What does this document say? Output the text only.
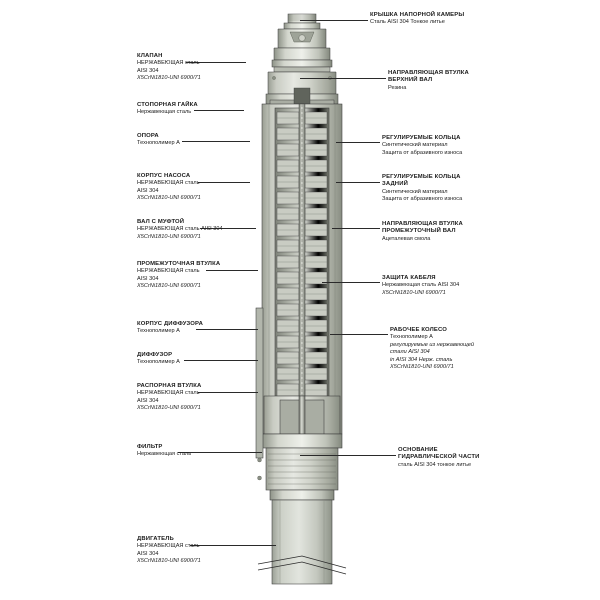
КЛАПАН
НЕРЖАВЕЮЩАЯ сталь
AISI 304
X5CrNi1810-UNI 6900/71
СТОПОРНАЯ ГАЙКА
Нержавеющая сталь
ОПОРА
Технополимер А
КОРПУС НАСОСА
НЕРЖАВЕЮЩАЯ сталь
AISI 304
X5CrNi1810-UNI 6900/71
ВАЛ С МУФТОЙ
НЕРЖАВЕЮЩАЯ сталь AISI 304
X5CrNi1810-UNI 6900/71
ПРОМЕЖУТОЧНАЯ ВТУЛКА
НЕРЖАВЕЮЩАЯ сталь
AISI 304
X5CrNi1810-UNI 6900/71
КОРПУС ДИФФУЗОРА
Технополимер А
ДИФФУЗОР
Технополимер А
РАСПОРНАЯ ВТУЛКА
НЕРЖАВЕЮЩАЯ сталь
AISI 304
X5CrNi1810-UNI 6900/71
ФИЛЬТР
Нержавеющая сталь
ДВИГАТЕЛЬ
НЕРЖАВЕЮЩАЯ сталь
AISI 304
X5CrNi1810-UNI 6900/71
КРЫШКА НАПОРНОЙ КАМЕРЫ
Сталь AISI 304 Тонкое литье
НАПРАВЛЯЮЩАЯ ВТУЛКА
ВЕРХНИЙ ВАЛ
Резина
РЕГУЛИРУЕМЫЕ КОЛЬЦА
Синтетический материал
Защита от абразивного износа
РЕГУЛИРУЕМЫЕ КОЛЬЦА
ЗАДНИЙ
Синтетический материал
Защита от абразивного износа
НАПРАВЛЯЮЩАЯ ВТУЛКА
ПРОМЕЖУТОЧНЫЙ ВАЛ
Ацеталевая смола
ЗАЩИТА КАБЕЛЯ
Нержавеющая сталь AISI 304
X5CrNi1810-UNI 6900/71
РАБОЧЕЕ КОЛЕСО
Технополимер А
регулируемые из нержавеющей
стали AISI 304
in AISI 304 Нерж. сталь
X5CrNi1810-UNI 6900/71
ОСНОВАНИЕ
ГИДРАВЛИЧЕСКОЙ ЧАСТИ
сталь AISI 304 тонкое литье
